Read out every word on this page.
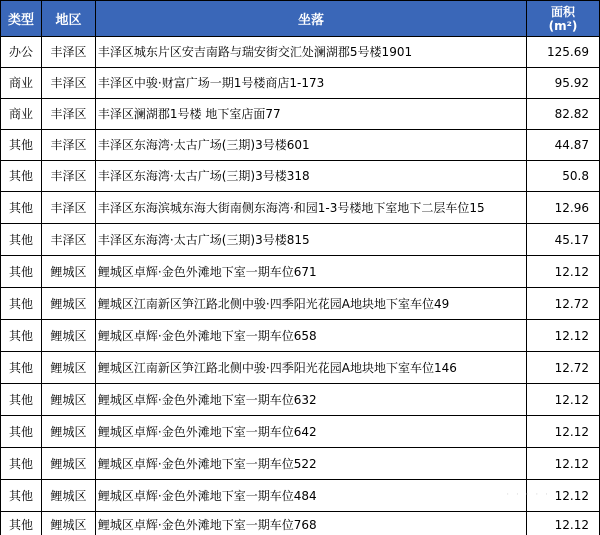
类型	地区	坐落	面积
(m²)
办公	丰泽区	丰泽区城东片区安吉南路与瑞安街交汇处澜湖郡5号楼1901	125.69
商业	丰泽区	丰泽区中骏·财富广场一期1号楼商店1-173	95.92
商业	丰泽区	丰泽区澜湖郡1号楼 地下室店面77	82.82
其他	丰泽区	丰泽区东海湾·太古广场(三期)3号楼601	44.87
其他	丰泽区	丰泽区东海湾·太古广场(三期)3号楼318	50.8
其他	丰泽区	丰泽区东海滨城东海大街南侧东海湾·和园1-3号楼地下室地下二层车位15	12.96
其他	丰泽区	丰泽区东海湾·太古广场(三期)3号楼815	45.17
其他	鲤城区	鲤城区卓辉·金色外滩地下室一期车位671	12.12
其他	鲤城区	鲤城区江南新区笋江路北侧中骏·四季阳光花园A地块地下室车位49	12.72
其他	鲤城区	鲤城区卓辉·金色外滩地下室一期车位658	12.12
其他	鲤城区	鲤城区江南新区笋江路北侧中骏·四季阳光花园A地块地下室车位146	12.72
其他	鲤城区	鲤城区卓辉·金色外滩地下室一期车位632	12.12
其他	鲤城区	鲤城区卓辉·金色外滩地下室一期车位642	12.12
其他	鲤城区	鲤城区卓辉·金色外滩地下室一期车位522	12.12
其他	鲤城区	鲤城区卓辉·金色外滩地下室一期车位484	12.12
其他	鲤城区	鲤城区卓辉·金色外滩地下室一期车位768	12.12
· · · · ·
